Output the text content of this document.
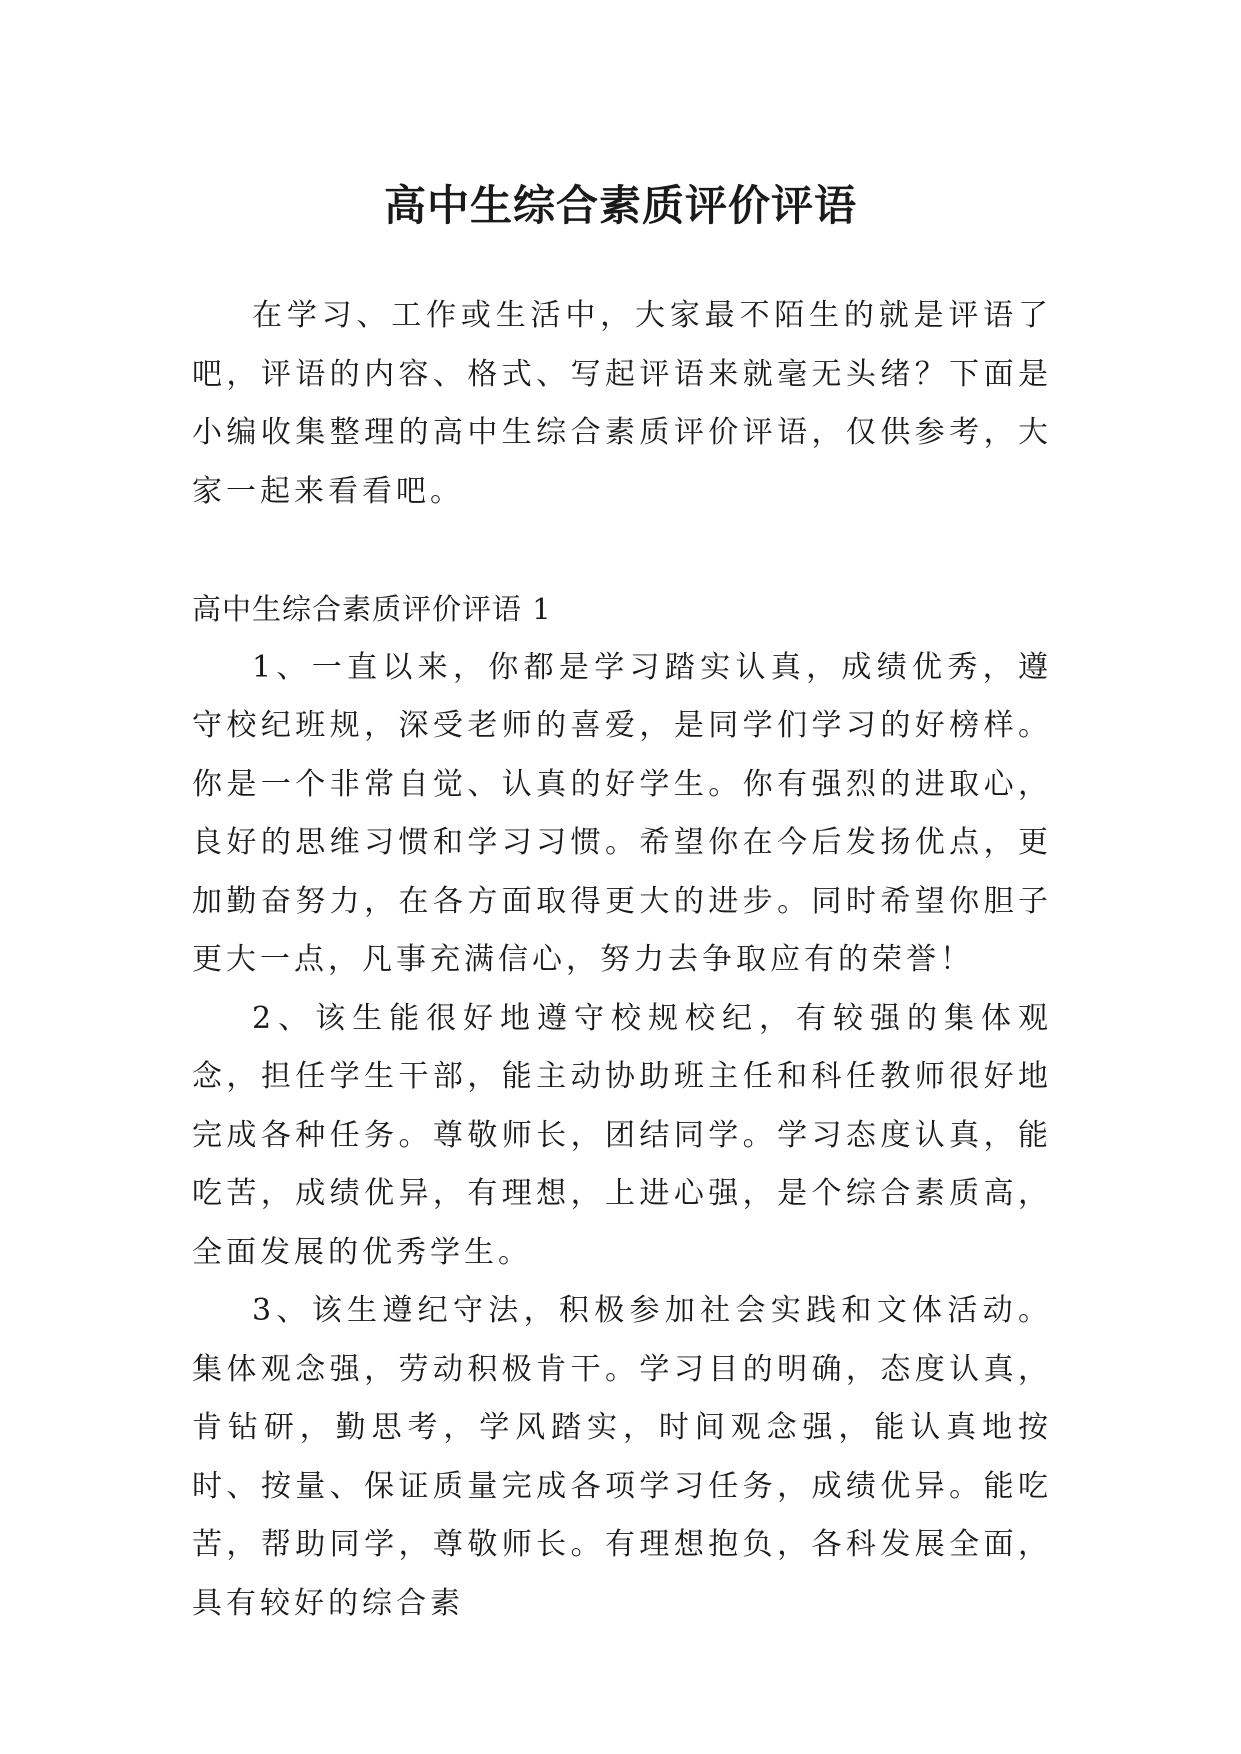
高中生综合素质评价评语

在学习、工作或生活中，大家最不陌生的就是评语了吧，评语的内容、格式、写起评语来就毫无头绪？下面是小编收集整理的高中生综合素质评价评语，仅供参考，大家一起来看看吧。

高中生综合素质评价评语 1

1、一直以来，你都是学习踏实认真，成绩优秀，遵守校纪班规，深受老师的喜爱，是同学们学习的好榜样。你是一个非常自觉、认真的好学生。你有强烈的进取心，良好的思维习惯和学习习惯。希望你在今后发扬优点，更加勤奋努力，在各方面取得更大的进步。同时希望你胆子更大一点，凡事充满信心，努力去争取应有的荣誉！

2、该生能很好地遵守校规校纪，有较强的集体观念，担任学生干部，能主动协助班主任和科任教师很好地完成各种任务。尊敬师长，团结同学。学习态度认真，能吃苦，成绩优异，有理想，上进心强，是个综合素质高，全面发展的优秀学生。

3、该生遵纪守法，积极参加社会实践和文体活动。集体观念强，劳动积极肯干。学习目的明确，态度认真，肯钻研，勤思考，学风踏实，时间观念强，能认真地按时、按量、保证质量完成各项学习任务，成绩优异。能吃苦，帮助同学，尊敬师长。有理想抱负，各科发展全面，具有较好的综合素
